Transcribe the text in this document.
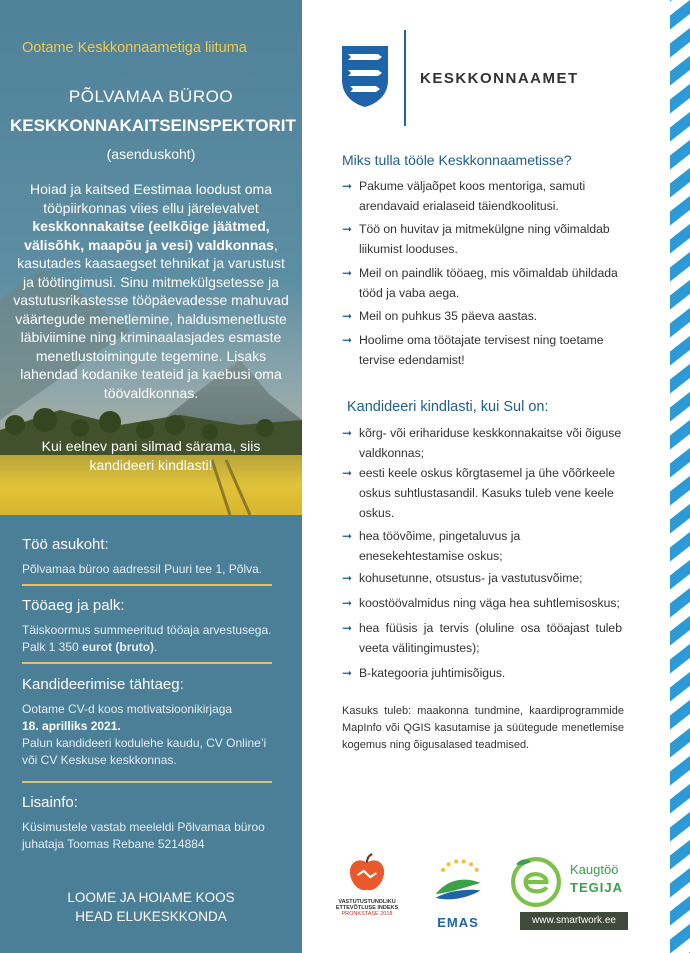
Ootame Keskkonnaametiga liituma
PÕLVAMAA BÜROO
KESKKONNAKAITSEINSPEKTORIT
(asenduskoht)
Hoiad ja kaitsed Eestimaa loodust oma tööpiirkonnas viies ellu järelevalvet keskkonnakaitse (eelkõige jäätmed, välisõhk, maapõu ja vesi) valdkonnas, kasutades kaasaegset tehnikat ja varustust ja töötingimusi. Sinu mitmekülgsetesse ja vastutusrikastesse tööpäevadesse mahuvad väärtegude menetlemine, haldusmenetluste läbiviimine ning kriminaalasjades esmaste menetlustoimingute tegemine. Lisaks lahendad kodanike teateid ja kaebusi oma töövaldkonnas.
Kui eelnev pani silmad särama, siis kandideeri kindlasti!
Töö asukoht:
Põlvamaa büroo aadressil Puuri tee 1, Põlva.
Tööaeg ja palk:
Täiskoormus summeeritud tööaja arvestusega.
Palk 1 350 eurot (bruto).
Kandideerimise tähtaeg:
Ootame CV-d koos motivatsioonikirjaga
18. aprilliks 2021.
Palun kandideeri kodulehe kaudu, CV Online’i või CV Keskuse keskkonnas.
Lisainfo:
Küsimustele vastab meeleldi Põlvamaa büroo juhataja Toomas Rebane 5214884
LOOME JA HOIAME KOOS
HEAD ELUKESKKONDA
KESKKONNAAMET
Miks tulla tööle Keskkonnaametisse?
➞ Pakume väljaõpet koos mentoriga, samuti arendavaid erialaseid täiendkoolitusi.
➞ Töö on huvitav ja mitmekülgne ning võimaldab liikumist looduses.
➞ Meil on paindlik tööaeg, mis võimaldab ühildada tööd ja vaba aega.
➞ Meil on puhkus 35 päeva aastas.
➞ Hoolime oma töötajate tervisest ning toetame tervise edendamist!
Kandideeri kindlasti, kui Sul on:
➞ kõrg- või erihariduse keskkonnakaitse või õiguse valdkonnas;
➞ eesti keele oskus kõrgtasemel ja ühe võõrkeele oskus suhtlustasandil. Kasuks tuleb vene keele oskus.
➞ hea töövõime, pingetaluvus ja enesekehtestamise oskus;
➞ kohusetunne, otsustus- ja vastutusvõime;
➞ koostöövalmidus ning väga hea suhtlemisoskus;
➞ hea füüsis ja tervis (oluline osa tööajast tuleb veeta välitingimustes);
➞ B-kategooria juhtimisõigus.
Kasuks tuleb: maakonna tundmine, kaardiprogrammide MapInfo või QGIS kasutamise ja süütegude menetlemise kogemus ning õigusalased teadmised.
VASTUTUSTUNDLIKU
ETTEVÕTLUSE INDEKS
PRONKSTASE 2018
EMAS
Kaugtöö
TEGIJA
www.smartwork.ee
